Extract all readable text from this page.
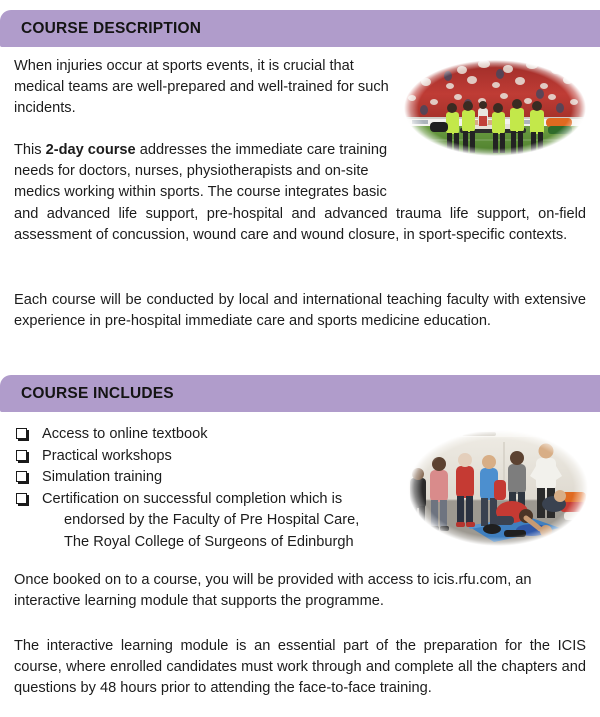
COURSE DESCRIPTION
When injuries occur at sports events, it is crucial that medical teams are well-prepared and well-trained for such incidents.
This 2-day course addresses the immediate care training needs for doctors, nurses, physiotherapists and on-site medics working within sports. The course integrates basic
and advanced life support, pre-hospital and advanced trauma life support, on-field assessment of concussion, wound care and wound closure, in sport-specific contexts.
Each course will be conducted by local and international teaching faculty with extensive experience in pre-hospital immediate care and sports medicine education.
COURSE INCLUDES
Access to online textbook
Practical workshops
Simulation training
Certification on successful completion which is
endorsed by the Faculty of Pre Hospital Care,
The Royal College of Surgeons of Edinburgh
Once booked on to a course, you will be provided with access to icis.rfu.com, an interactive learning module that supports the programme.
The interactive learning module is an essential part of the preparation for the ICIS course, where enrolled candidates must work through and complete all the chapters and questions by 48 hours prior to attending the face-to-face training.
